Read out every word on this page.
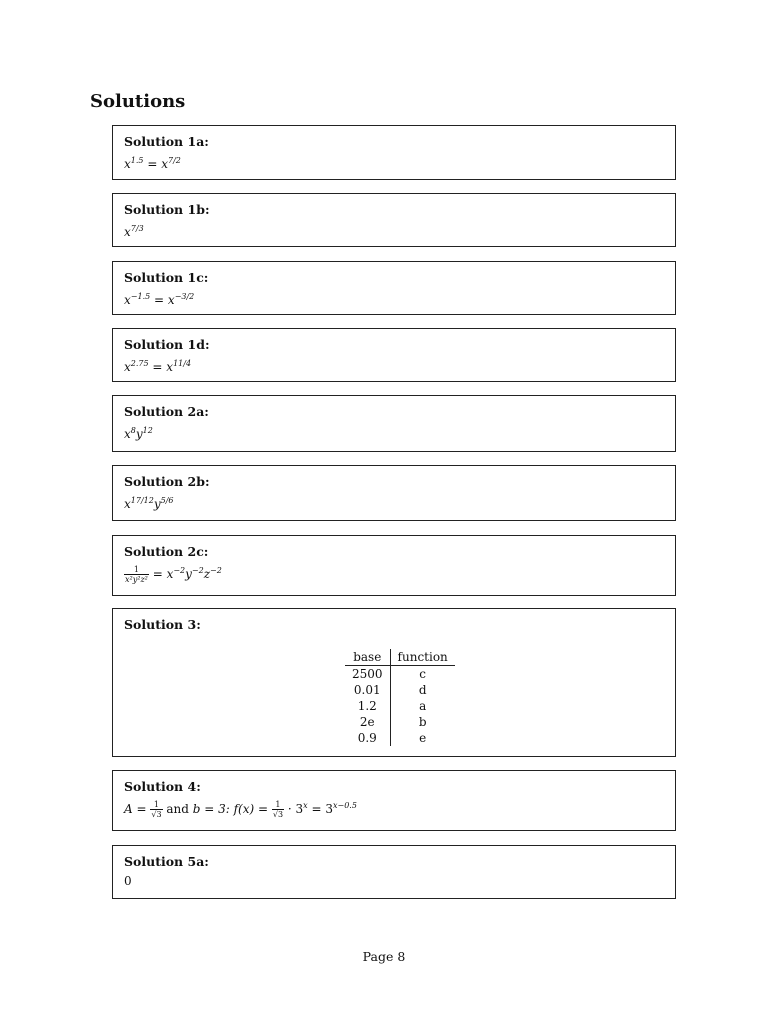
Solutions
Solution 1a:
$x^{1.5} = x^{7/2}$
Solution 1b:
$x^{7/3}$
Solution 1c:
$x^{-1.5} = x^{-3/2}$
Solution 1d:
$x^{2.75} = x^{11/4}$
Solution 2a:
$x^8y^{12}$
Solution 2b:
$x^{17/12}y^{5/6}$
Solution 2c:
$\frac{1}{\text{x²y²z²}} = x^{-2}y^{-2}z^{-2}$
Solution 3:
base	function
2500	c
0.01	d
1.2	a
2e	b
0.9	e
Solution 4:
$A = \frac{1}{√3}$ and b = 3: $f(x) = \frac{1}{√3} \cdot 3^x = 3^{x-0.5}$
Solution 5a:
0
Page 8
